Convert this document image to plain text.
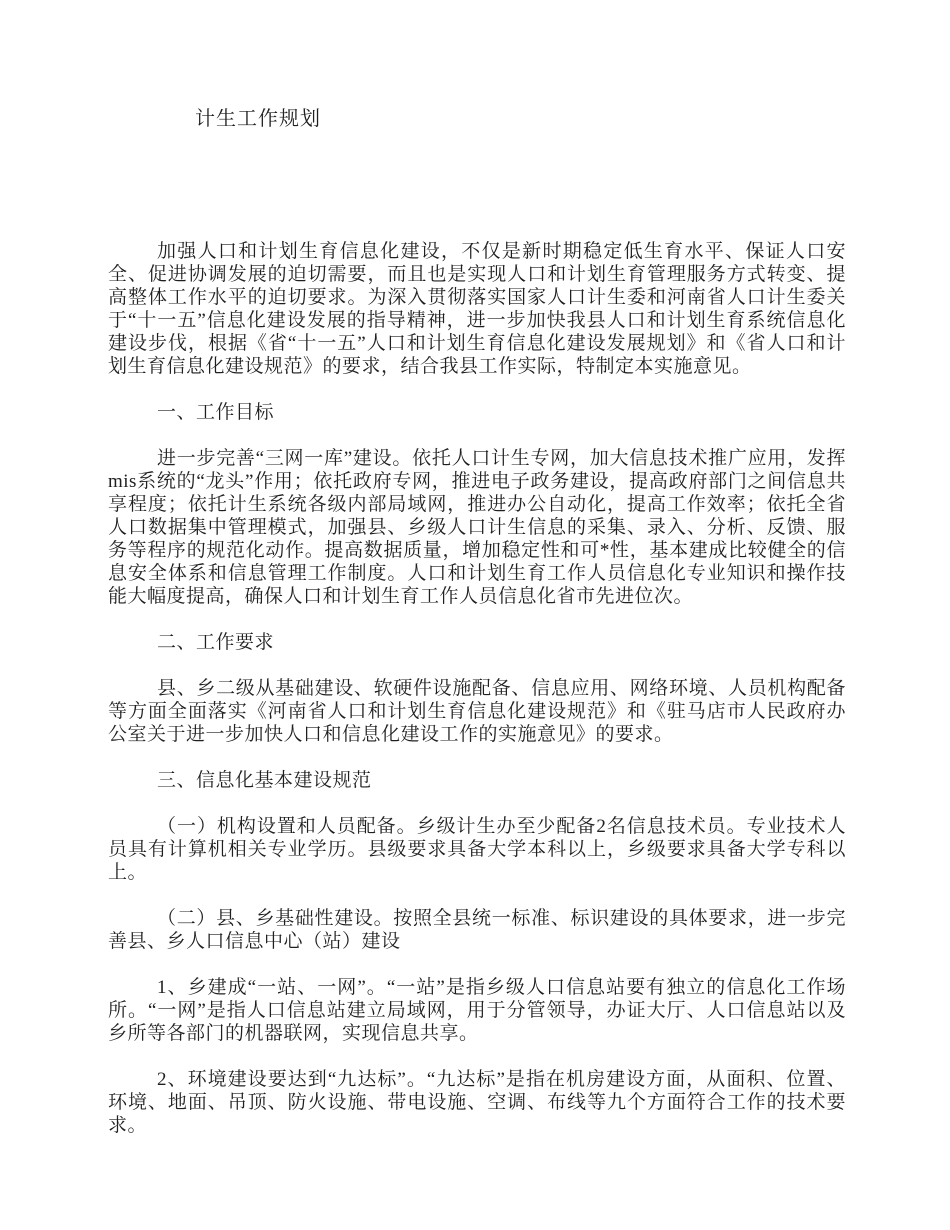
计生工作规划
加强人口和计划生育信息化建设，不仅是新时期稳定低生育水平、保证人口安全、促进协调发展的迫切需要，而且也是实现人口和计划生育管理服务方式转变、提高整体工作水平的迫切要求。为深入贯彻落实国家人口计生委和河南省人口计生委关于“十一五”信息化建设发展的指导精神，进一步加快我县人口和计划生育系统信息化建设步伐，根据《省“十一五”人口和计划生育信息化建设发展规划》和《省人口和计划生育信息化建设规范》的要求，结合我县工作实际，特制定本实施意见。
一、工作目标
进一步完善“三网一库”建设。依托人口计生专网，加大信息技术推广应用，发挥mis系统的“龙头”作用；依托政府专网，推进电子政务建设，提高政府部门之间信息共享程度；依托计生系统各级内部局域网，推进办公自动化，提高工作效率；依托全省人口数据集中管理模式，加强县、乡级人口计生信息的采集、录入、分析、反馈、服务等程序的规范化动作。提高数据质量，增加稳定性和可*性，基本建成比较健全的信息安全体系和信息管理工作制度。人口和计划生育工作人员信息化专业知识和操作技能大幅度提高，确保人口和计划生育工作人员信息化省市先进位次。
二、工作要求
县、乡二级从基础建设、软硬件设施配备、信息应用、网络环境、人员机构配备等方面全面落实《河南省人口和计划生育信息化建设规范》和《驻马店市人民政府办公室关于进一步加快人口和信息化建设工作的实施意见》的要求。
三、信息化基本建设规范
（一）机构设置和人员配备。乡级计生办至少配备2名信息技术员。专业技术人员具有计算机相关专业学历。县级要求具备大学本科以上，乡级要求具备大学专科以上。
（二）县、乡基础性建设。按照全县统一标准、标识建设的具体要求，进一步完善县、乡人口信息中心（站）建设
1、乡建成“一站、一网”。“一站”是指乡级人口信息站要有独立的信息化工作场所。“一网”是指人口信息站建立局域网，用于分管领导，办证大厅、人口信息站以及乡所等各部门的机器联网，实现信息共享。
2、环境建设要达到“九达标”。“九达标”是指在机房建设方面，从面积、位置、环境、地面、吊顶、防火设施、带电设施、空调、布线等九个方面符合工作的技术要求。
